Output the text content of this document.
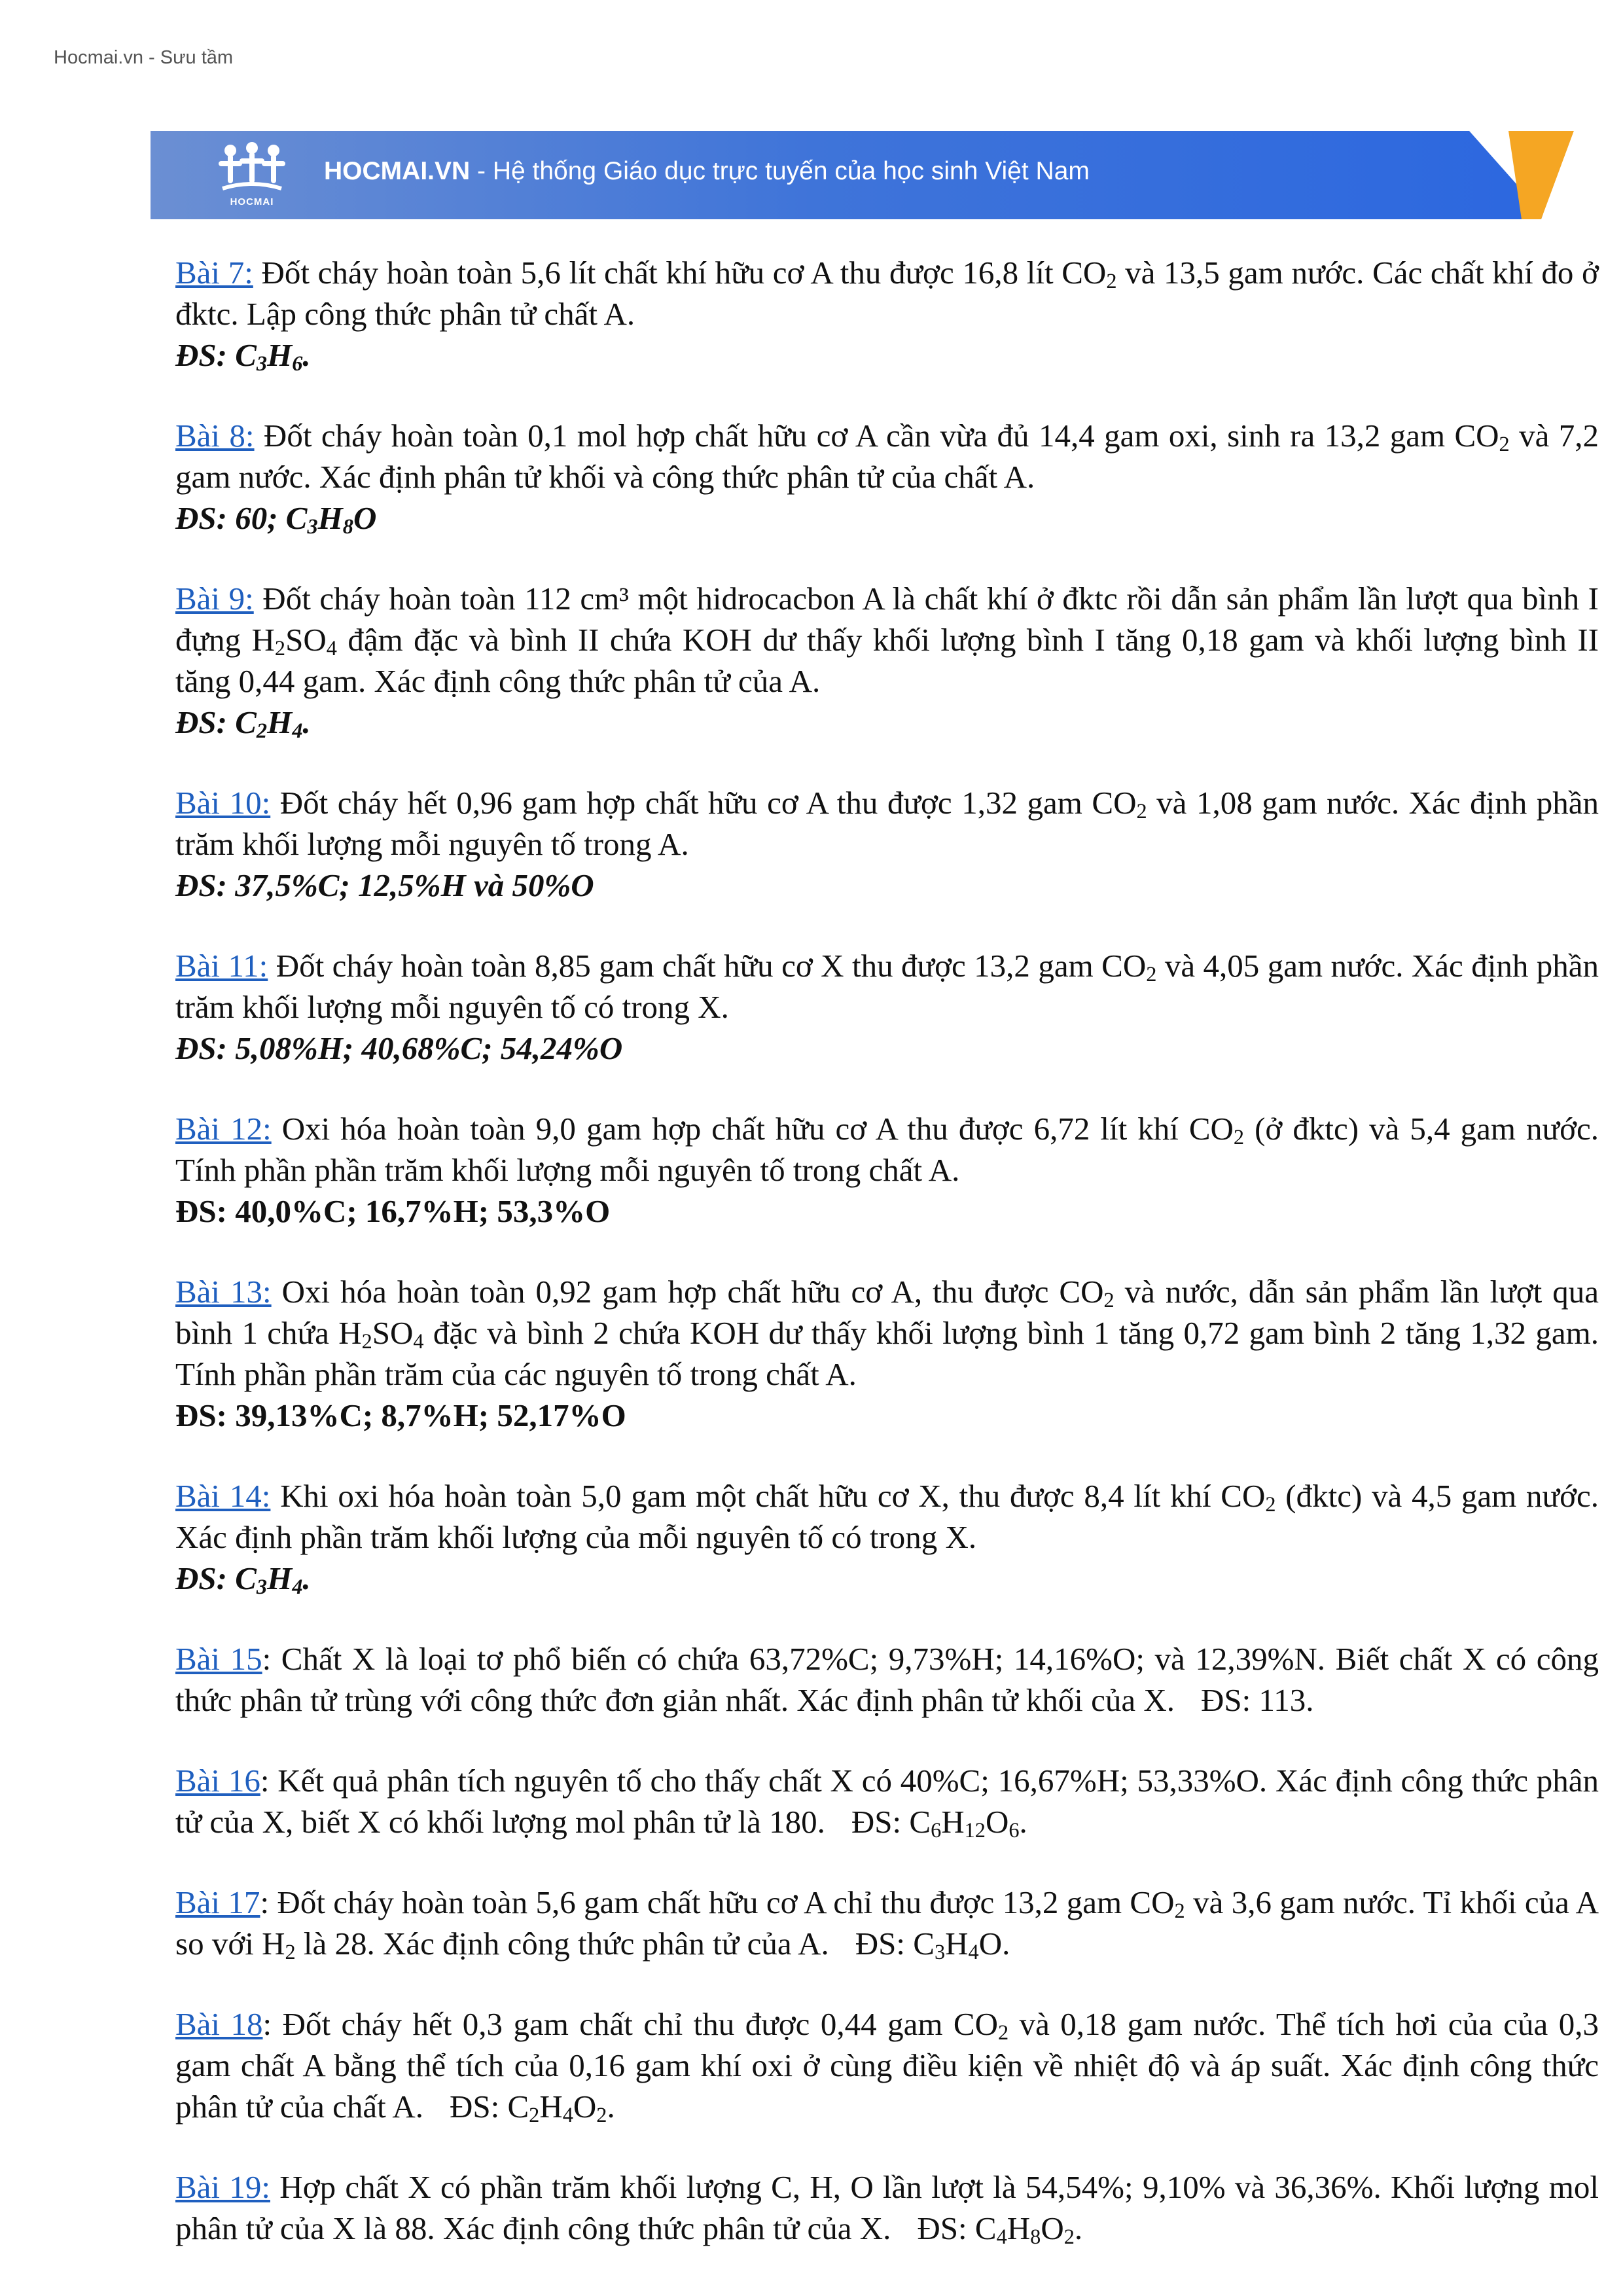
Hocmai.vn - Sưu tầm
HOCMAI
HOCMAI.VN - Hệ thống Giáo dục trực tuyến của học sinh Việt Nam

Bài 7: Đốt cháy hoàn toàn 5,6 lít chất khí hữu cơ A thu được 16,8 lít $CO_2$ và 13,5 gam nước. Các chất khí đo ở đktc. Lập công thức phân tử chất A.

ĐS: $C_3H_6$.

Bài 8: Đốt cháy hoàn toàn 0,1 mol hợp chất hữu cơ A cần vừa đủ 14,4 gam oxi, sinh ra 13,2 gam $CO_2$ và 7,2 gam nước. Xác định phân tử khối và công thức phân tử của chất A.

ĐS: 60; $C_3H_8O$

Bài 9: Đốt cháy hoàn toàn 112 cm³ một hidrocacbon A là chất khí ở đktc rồi dẫn sản phẩm lần lượt qua bình I đựng $H_2SO_4$ đậm đặc và bình II chứa KOH dư thấy khối lượng bình I tăng 0,18 gam và khối lượng bình II tăng 0,44 gam. Xác định công thức phân tử của A.

ĐS: $C_2H_4$.

Bài 10: Đốt cháy hết 0,96 gam hợp chất hữu cơ A thu được 1,32 gam $CO_2$ và 1,08 gam nước. Xác định phần trăm khối lượng mỗi nguyên tố trong A.

ĐS: 37,5%C; 12,5%H và 50%O

Bài 11: Đốt cháy hoàn toàn 8,85 gam chất hữu cơ X thu được 13,2 gam $CO_2$ và 4,05 gam nước. Xác định phần trăm khối lượng mỗi nguyên tố có trong X.

ĐS: 5,08%H; 40,68%C; 54,24%O

Bài 12: Oxi hóa hoàn toàn 9,0 gam hợp chất hữu cơ A thu được 6,72 lít khí $CO_2$ (ở đktc) và 5,4 gam nước. Tính phần phần trăm khối lượng mỗi nguyên tố trong chất A.

ĐS: 40,0%C; 16,7%H; 53,3%O

Bài 13: Oxi hóa hoàn toàn 0,92 gam hợp chất hữu cơ A, thu được $CO_2$ và nước, dẫn sản phẩm lần lượt qua bình 1 chứa $H_2SO_4$ đặc và bình 2 chứa KOH dư thấy khối lượng bình 1 tăng 0,72 gam bình 2 tăng 1,32 gam. Tính phần phần trăm của các nguyên tố trong chất A.

ĐS: 39,13%C; 8,7%H; 52,17%O

Bài 14: Khi oxi hóa hoàn toàn 5,0 gam một chất hữu cơ X, thu được 8,4 lít khí $CO_2$ (đktc) và 4,5 gam nước. Xác định phần trăm khối lượng của mỗi nguyên tố có trong X.

ĐS: $C_3H_4$.

Bài 15: Chất X là loại tơ phổ biến có chứa 63,72%C; 9,73%H; 14,16%O; và 12,39%N. Biết chất X có công thức phân tử trùng với công thức đơn giản nhất. Xác định phân tử khối của X. ĐS: 113.

Bài 16: Kết quả phân tích nguyên tố cho thấy chất X có 40%C; 16,67%H; 53,33%O. Xác định công thức phân tử của X, biết X có khối lượng mol phân tử là 180. ĐS: $C_6H_{12}O_6$.

Bài 17: Đốt cháy hoàn toàn 5,6 gam chất hữu cơ A chỉ thu được 13,2 gam $CO_2$ và 3,6 gam nước. Tỉ khối của A so với $H_2$ là 28. Xác định công thức phân tử của A. ĐS: $C_3H_4O$.

Bài 18: Đốt cháy hết 0,3 gam chất chỉ thu được 0,44 gam $CO_2$ và 0,18 gam nước. Thể tích hơi của của 0,3 gam chất A bằng thể tích của 0,16 gam khí oxi ở cùng điều kiện về nhiệt độ và áp suất. Xác định công thức phân tử của chất A. ĐS: $C_2H_4O_2$.

Bài 19: Hợp chất X có phần trăm khối lượng C, H, O lần lượt là 54,54%; 9,10% và 36,36%. Khối lượng mol phân tử của X là 88. Xác định công thức phân tử của X. ĐS: $C_4H_8O_2$.
